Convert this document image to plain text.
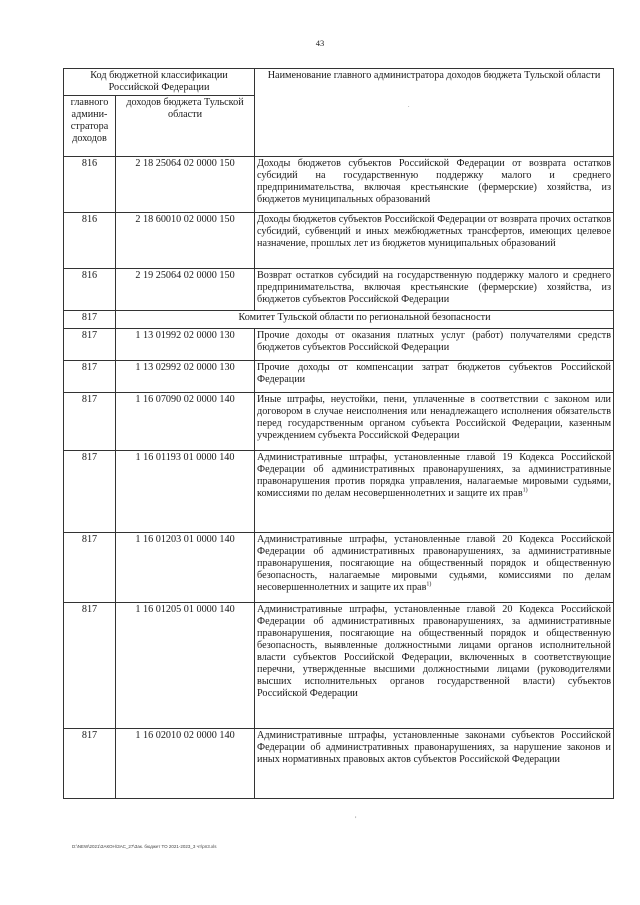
43
Код бюджетной классификации Российской Федерации		Наименование главного администратора доходов бюджета Тульской области
главного админи-стратора доходов	доходов бюджета Тульской области	
816	2 18 25064 02 0000 150	Доходы бюджетов субъектов Российской Федерации от возврата остатков субсидий на государственную поддержку малого и среднего предпринимательства, включая крестьянские (фермерские) хозяйства, из бюджетов муниципальных образований
816	2 18 60010 02 0000 150	Доходы бюджетов субъектов Российской Федерации от возврата прочих остатков субсидий, субвенций и иных межбюджетных трансфертов, имеющих целевое назначение, прошлых лет из бюджетов муниципальных образований
816	2 19 25064 02 0000 150	Возврат остатков субсидий на государственную поддержку малого и среднего предпринимательства, включая крестьянские (фермерские) хозяйства, из бюджетов субъектов Российской Федерации
817	Комитет Тульской области по региональной безопасности	
817	1 13 01992 02 0000 130	Прочие доходы от оказания платных услуг (работ) получателями средств бюджетов субъектов Российской Федерации
817	1 13 02992 02 0000 130	Прочие доходы от компенсации затрат бюджетов субъектов Российской Федерации
817	1 16 07090 02 0000 140	Иные штрафы, неустойки, пени, уплаченные в соответствии с законом или договором в случае неисполнения или ненадлежащего исполнения обязательств перед государственным органом субъекта Российской Федерации, казенным учреждением субъекта Российской Федерации
817	1 16 01193 01 0000 140	Административные штрафы, установленные главой 19 Кодекса Российской Федерации об административных правонарушениях, за административные правонарушения против порядка управления, налагаемые мировыми судьями, комиссиями по делам несовершеннолетних и защите их прав$^{1)}$
817	1 16 01203 01 0000 140	Административные штрафы, установленные главой 20 Кодекса Российской Федерации об административных правонарушениях, за административные правонарушения, посягающие на общественный порядок и общественную безопасность, налагаемые мировыми судьями, комиссиями по делам несовершеннолетних и защите их прав$^{1)}$
817	1 16 01205 01 0000 140	Административные штрафы, установленные главой 20 Кодекса Российской Федерации об административных правонарушениях, за административные правонарушения, посягающие на общественный порядок и общественную безопасность, выявленные должностными лицами органов исполнительной власти субъектов Российской Федерации, включенных в соответствующие перечни, утвержденные высшими должностными лицами (руководителями высших исполнительных органов государственной власти) субъектов Российской Федерации
817	1 16 02010 02 0000 140	Административные штрафы, установленные законами субъектов Российской Федерации об административных правонарушениях, за нарушение законов и иных нормативных правовых актов субъектов Российской Федерации
.
,
D:\NEW\2021\ЗАКОН\ЗАС_27\Зак. бюджет ТО 2021-2023_3 чт\рп3.xls
